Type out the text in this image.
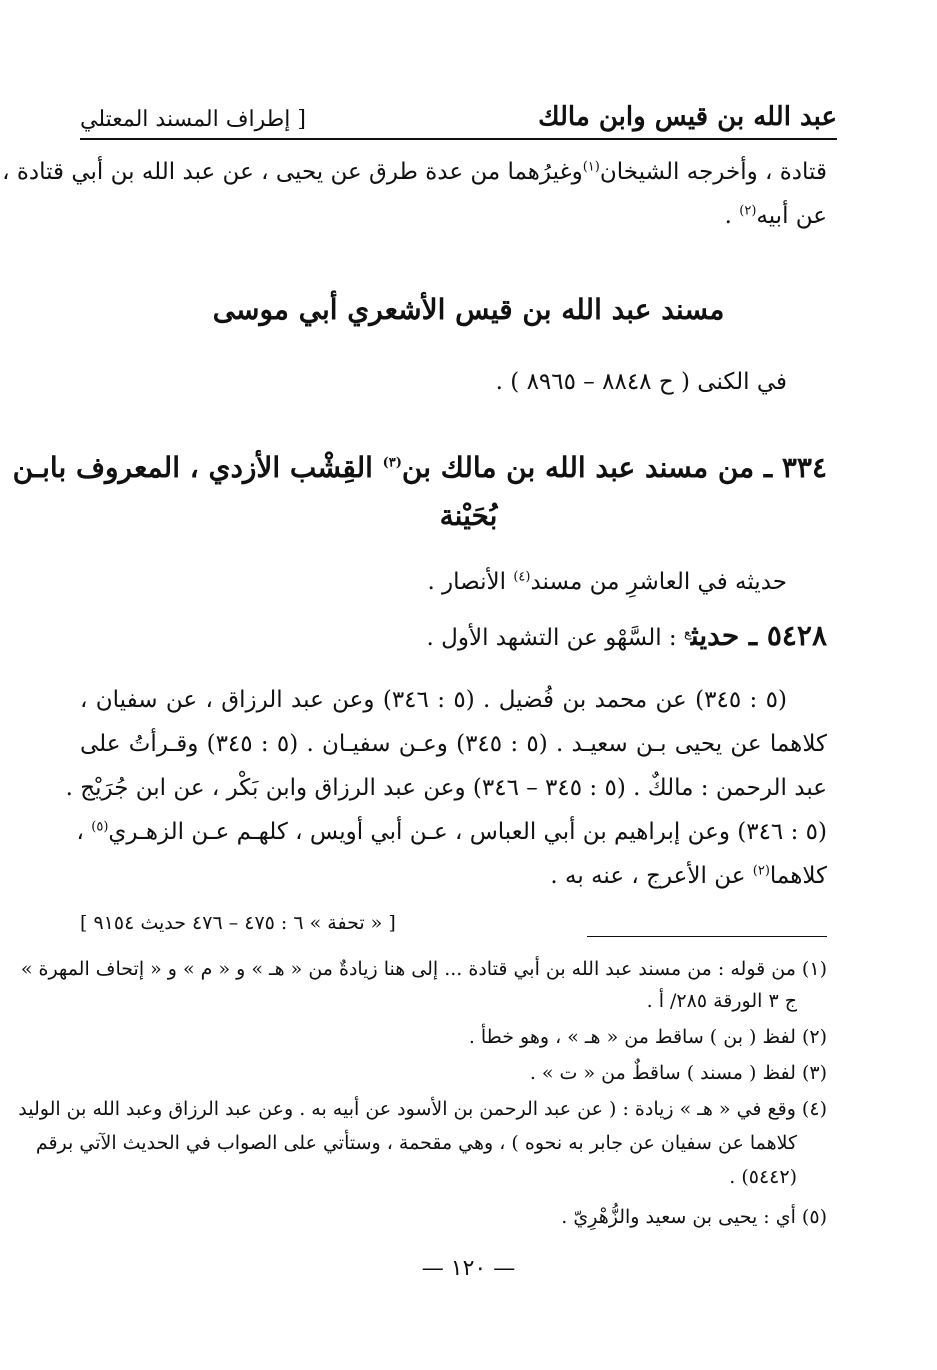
عبد الله بن قيس وابن مالك
[ إطراف المسند المعتلي
قتادة ، وأخرجه الشيخان$^{(١)}$وغيرُهما من عدة طرق عن يحيى ، عن عبد الله بن أبي قتادة ،
عن أبيه$^{(٢)}$ .
مسند عبد الله بن قيس الأشعري أبي موسى
في الكنى ( ح ٨٨٤٨ – ٨٩٦٥ ) .
٣٣٤ ـ من مسند عبد الله بن مالك بن$^{(٣)}$ القِشْب الأزدي ، المعروف بابـن
بُحَيْنة
حديثه في العاشرِ من مسند$^{(٤)}$ الأنصار .
٥٤٢٨ ـ حديث$^ع$ : السَّهْو عن التشهد الأول .
(٥ : ٣٤٥) عن محمد بن فُضيل . (٥ : ٣٤٦) وعن عبد الرزاق ، عن سفيان ،
كلاهما عن يحيى بـن سعيـد . (٥ : ٣٤٥) وعـن سفيـان . (٥ : ٣٤٥) وقـرأتُ على
عبد الرحمن : مالكٌ . (٥ : ٣٤٥ – ٣٤٦) وعن عبد الرزاق وابن بَكْر ، عن ابن جُرَيْج .
(٥ : ٣٤٦) وعن إبراهيم بن أبي العباس ، عـن أبي أويس ، كلهـم عـن الزهـري$^{(٥)}$ ،
كلاهما$^{(٢)}$ عن الأعرج ، عنه به .
[ « تحفة » ٦ : ٤٧٥ – ٤٧٦ حديث ٩١٥٤ ]
(١) من قوله : من مسند عبد الله بن أبي قتادة ... إلى هنا زيادةٌ من « هـ » و « م » و « إتحاف المهرة »
ج ٣ الورقة ٢٨٥/ أ .
(٢) لفظ ( بن ) ساقط من « هـ » ، وهو خطأ .
(٣) لفظ ( مسند ) ساقطٌ من « ت » .
(٤) وقع في « هـ » زيادة : ( عن عبد الرحمن بن الأسود عن أبيه به . وعن عبد الرزاق وعبد الله بن الوليد
كلاهما عن سفيان عن جابر به نحوه ) ، وهي مقحمة ، وستأتي على الصواب في الحديث الآتي برقم
(٥٤٤٢) .
(٥) أي : يحيى بن سعيد والزُّهْرِيّ .
— ١٢٠ —
